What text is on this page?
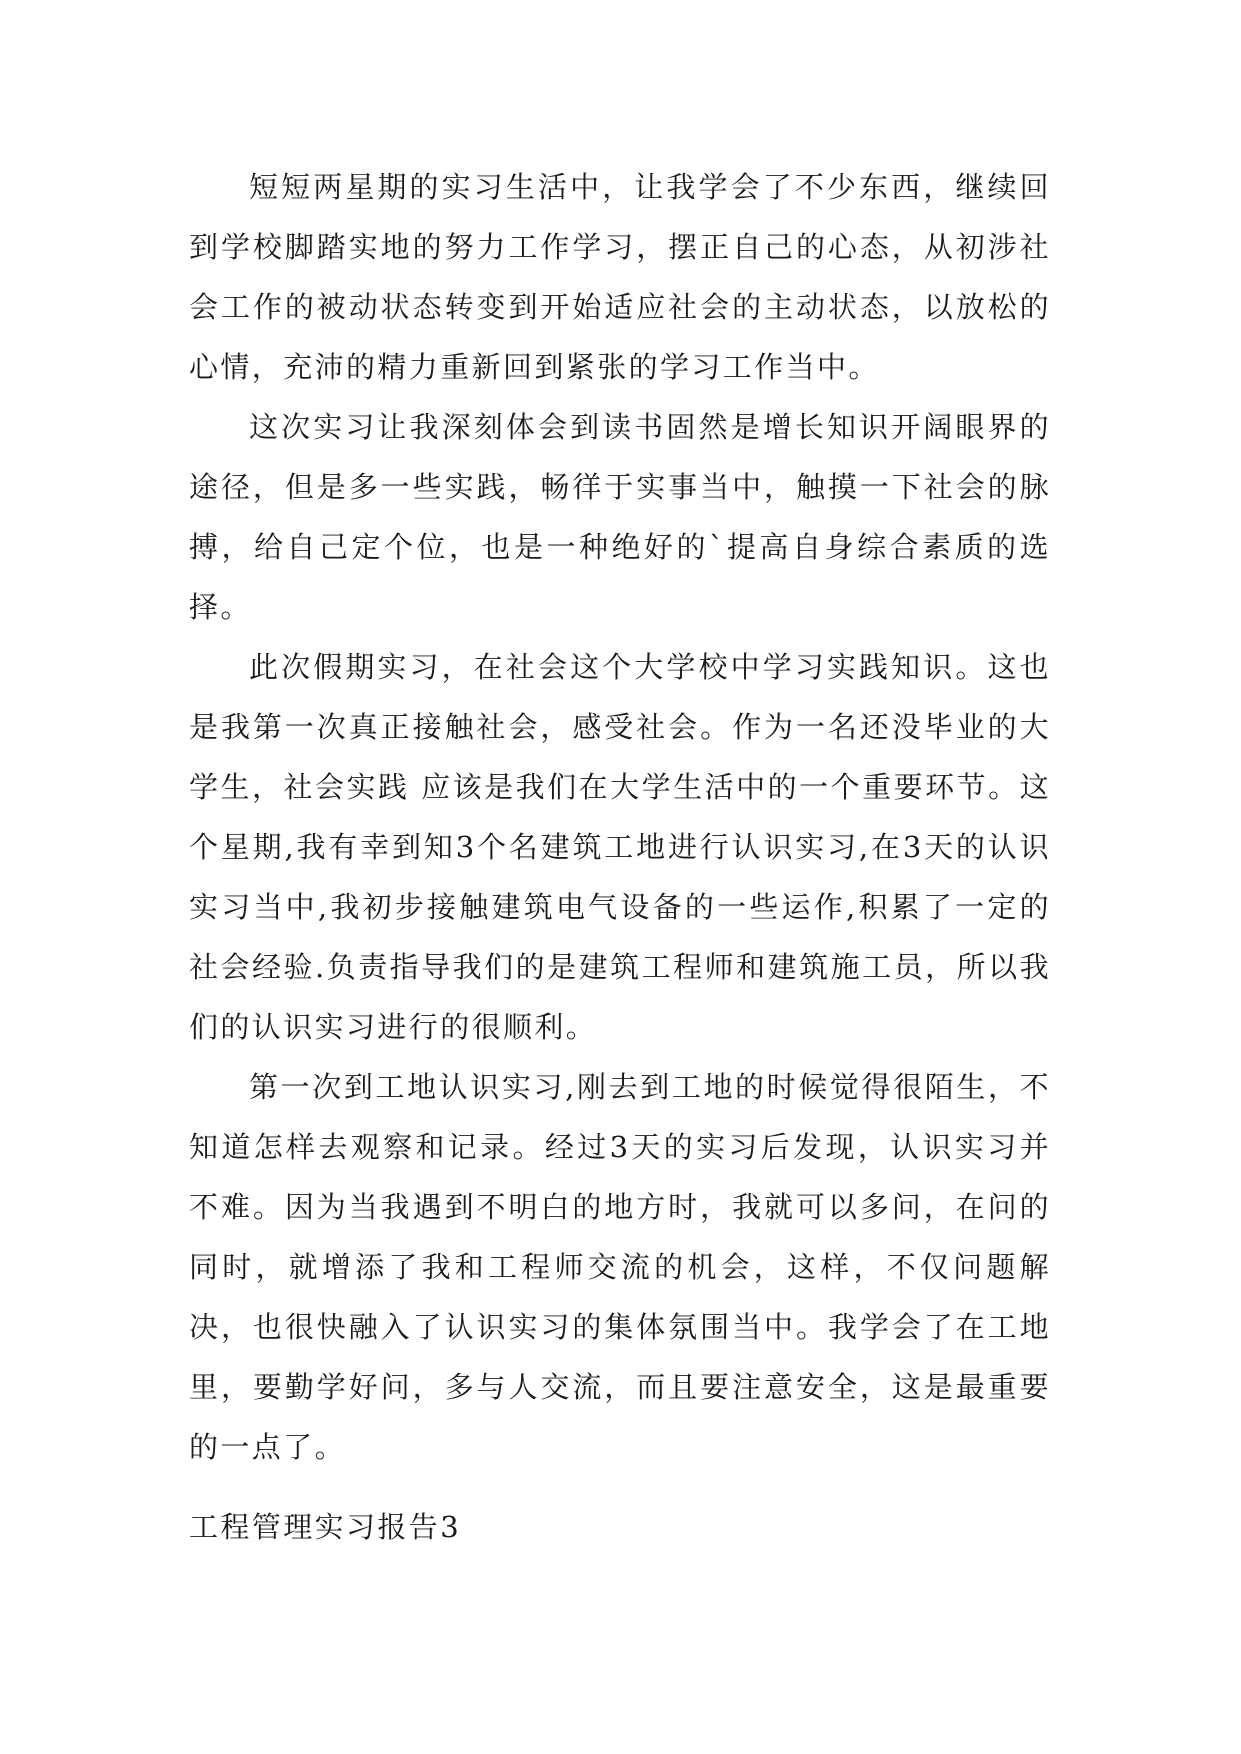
短短两星期的实习生活中，让我学会了不少东西，继续回到学校脚踏实地的努力工作学习，摆正自己的心态，从初涉社会工作的被动状态转变到开始适应社会的主动状态，以放松的心情，充沛的精力重新回到紧张的学习工作当中。

这次实习让我深刻体会到读书固然是增长知识开阔眼界的途径，但是多一些实践，畅徉于实事当中，触摸一下社会的脉搏，给自己定个位，也是一种绝好的`提高自身综合素质的选择。

此次假期实习，在社会这个大学校中学习实践知识。这也是我第一次真正接触社会，感受社会。作为一名还没毕业的大学生，社会实践 应该是我们在大学生活中的一个重要环节。这个星期,我有幸到知3个名建筑工地进行认识实习,在3天的认识实习当中,我初步接触建筑电气设备的一些运作,积累了一定的社会经验.负责指导我们的是建筑工程师和建筑施工员，所以我们的认识实习进行的很顺利。

第一次到工地认识实习,刚去到工地的时候觉得很陌生，不知道怎样去观察和记录。经过3天的实习后发现，认识实习并不难。因为当我遇到不明白的地方时，我就可以多问，在问的同时，就增添了我和工程师交流的机会，这样，不仅问题解决，也很快融入了认识实习的集体氛围当中。我学会了在工地里，要勤学好问，多与人交流，而且要注意安全，这是最重要的一点了。

工程管理实习报告3
